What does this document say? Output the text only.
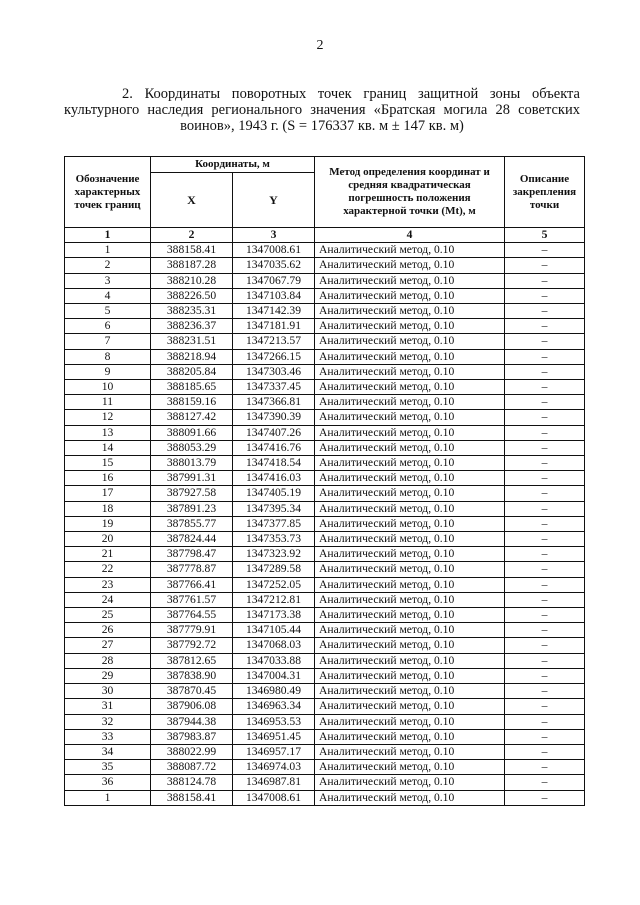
2
2. Координаты поворотных точек границ защитной зоны объекта культурного наследия регионального значения «Братская могила 28 советских воинов», 1943 г. (S = 176337 кв. м ± 147 кв. м)
Обозначение характерных точек границ	Координаты, м		Метод определения координат и средняя квадратическая погрешность положения характерной точки (Mt), м	Описание закрепления точки
	X	Y		
1	2	3	4	5
1	388158.41	1347008.61	Аналитический метод, 0.10	–
2	388187.28	1347035.62	Аналитический метод, 0.10	–
3	388210.28	1347067.79	Аналитический метод, 0.10	–
4	388226.50	1347103.84	Аналитический метод, 0.10	–
5	388235.31	1347142.39	Аналитический метод, 0.10	–
6	388236.37	1347181.91	Аналитический метод, 0.10	–
7	388231.51	1347213.57	Аналитический метод, 0.10	–
8	388218.94	1347266.15	Аналитический метод, 0.10	–
9	388205.84	1347303.46	Аналитический метод, 0.10	–
10	388185.65	1347337.45	Аналитический метод, 0.10	–
11	388159.16	1347366.81	Аналитический метод, 0.10	–
12	388127.42	1347390.39	Аналитический метод, 0.10	–
13	388091.66	1347407.26	Аналитический метод, 0.10	–
14	388053.29	1347416.76	Аналитический метод, 0.10	–
15	388013.79	1347418.54	Аналитический метод, 0.10	–
16	387991.31	1347416.03	Аналитический метод, 0.10	–
17	387927.58	1347405.19	Аналитический метод, 0.10	–
18	387891.23	1347395.34	Аналитический метод, 0.10	–
19	387855.77	1347377.85	Аналитический метод, 0.10	–
20	387824.44	1347353.73	Аналитический метод, 0.10	–
21	387798.47	1347323.92	Аналитический метод, 0.10	–
22	387778.87	1347289.58	Аналитический метод, 0.10	–
23	387766.41	1347252.05	Аналитический метод, 0.10	–
24	387761.57	1347212.81	Аналитический метод, 0.10	–
25	387764.55	1347173.38	Аналитический метод, 0.10	–
26	387779.91	1347105.44	Аналитический метод, 0.10	–
27	387792.72	1347068.03	Аналитический метод, 0.10	–
28	387812.65	1347033.88	Аналитический метод, 0.10	–
29	387838.90	1347004.31	Аналитический метод, 0.10	–
30	387870.45	1346980.49	Аналитический метод, 0.10	–
31	387906.08	1346963.34	Аналитический метод, 0.10	–
32	387944.38	1346953.53	Аналитический метод, 0.10	–
33	387983.87	1346951.45	Аналитический метод, 0.10	–
34	388022.99	1346957.17	Аналитический метод, 0.10	–
35	388087.72	1346974.03	Аналитический метод, 0.10	–
36	388124.78	1346987.81	Аналитический метод, 0.10	–
1	388158.41	1347008.61	Аналитический метод, 0.10	–
